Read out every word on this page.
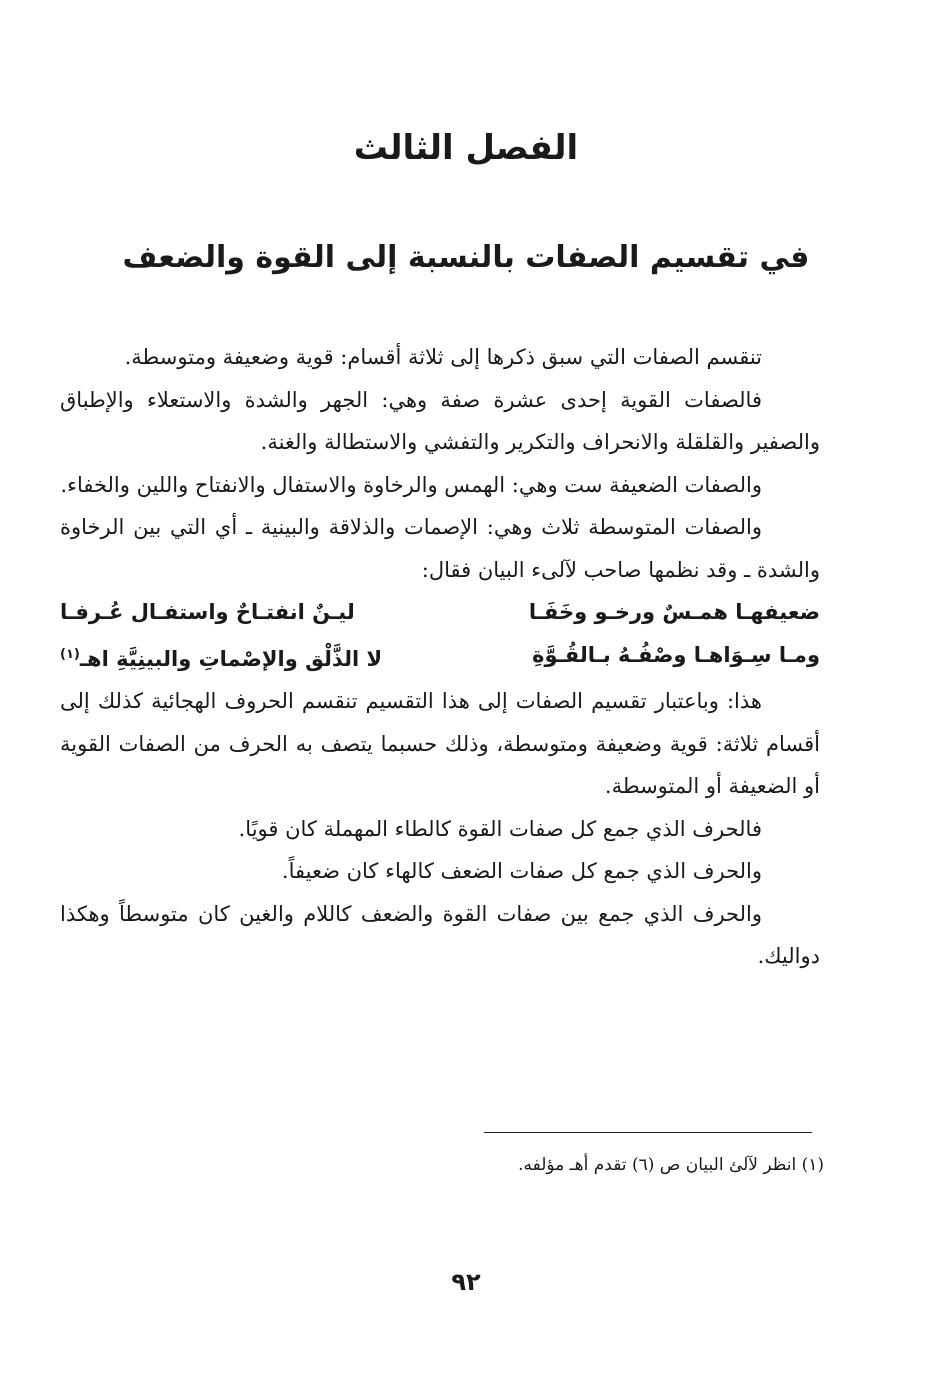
الفصل الثالث
في تقسيم الصفات بالنسبة إلى القوة والضعف

تنقسم الصفات التي سبق ذكرها إلى ثلاثة أقسام: قوية وضعيفة ومتوسطة.

فالصفات القوية إحدى عشرة صفة وهي: الجهر والشدة والاستعلاء والإطباق والصفير والقلقلة والانحراف والتكرير والتفشي والاستطالة والغنة.

والصفات الضعيفة ست وهي: الهمس والرخاوة والاستفال والانفتاح واللين والخفاء.

والصفات المتوسطة ثلاث وهي: الإصمات والذلاقة والبينية ـ أي التي بين الرخاوة والشدة ـ وقد نظمها صاحب لآلىء البيان فقال:

ضعيفهـا همـسٌ ورخـو وخَفَـا
ليـنٌ انفتـاحٌ واستفـال عُـرفـا
ومـا سِـوَاهـا وصْفُـهُ بـالقُـوَّةِ
لا الذَّلْق والإصْماتِ والبينِيَّةِ اهـ$^{(١)}$

هذا: وباعتبار تقسيم الصفات إلى هذا التقسيم تنقسم الحروف الهجائية كذلك إلى أقسام ثلاثة: قوية وضعيفة ومتوسطة، وذلك حسبما يتصف به الحرف من الصفات القوية أو الضعيفة أو المتوسطة.

فالحرف الذي جمع كل صفات القوة كالطاء المهملة كان قويًا.

والحرف الذي جمع كل صفات الضعف كالهاء كان ضعيفاً.

والحرف الذي جمع بين صفات القوة والضعف كاللام والغين كان متوسطاً وهكذا دواليك.

(١) انظر لآلئ البيان ص (٦) تقدم أهـ مؤلفه.
٩٢
